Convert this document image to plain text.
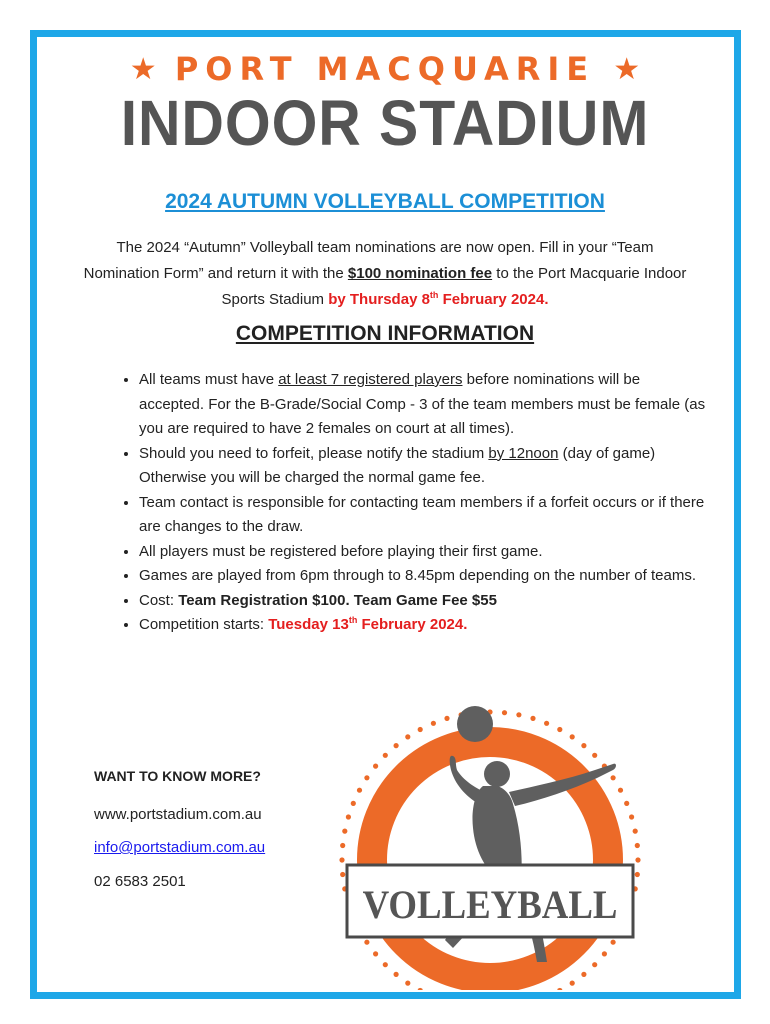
★ PORT MACQUARIE ★
INDOOR STADIUM
2024 AUTUMN VOLLEYBALL COMPETITION
The 2024 “Autumn” Volleyball team nominations are now open. Fill in your “Team Nomination Form” and return it with the $100 nomination fee to the Port Macquarie Indoor Sports Stadium by Thursday 8th February 2024.
COMPETITION INFORMATION
• All teams must have at least 7 registered players before nominations will be accepted. For the B-Grade/Social Comp - 3 of the team members must be female (as you are required to have 2 females on court at all times).
• Should you need to forfeit, please notify the stadium by 12noon (day of game) Otherwise you will be charged the normal game fee.
• Team contact is responsible for contacting team members if a forfeit occurs or if there are changes to the draw.
• All players must be registered before playing their first game.
• Games are played from 6pm through to 8.45pm depending on the number of teams.
• Cost: Team Registration $100. Team Game Fee $55
• Competition starts: Tuesday 13th February 2024.
WANT TO KNOW MORE?
www.portstadium.com.au
info@portstadium.com.au
02 6583 2501
VOLLEYBALL
